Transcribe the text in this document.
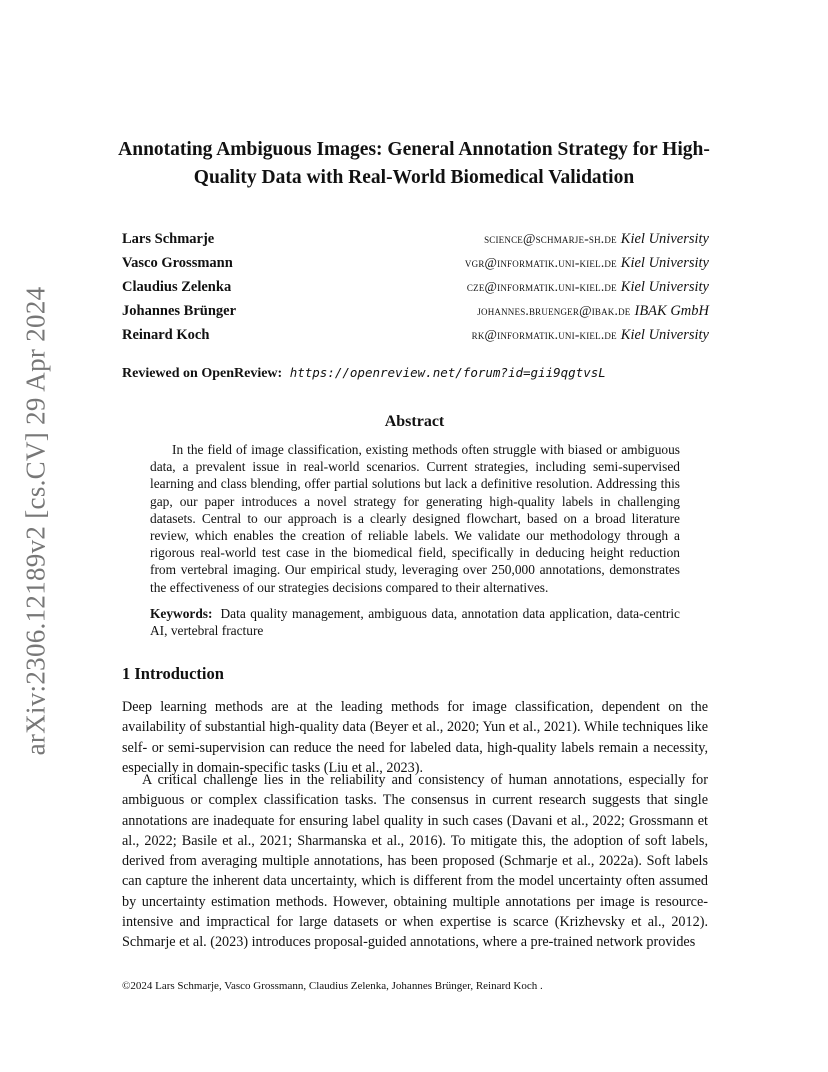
arXiv:2306.12189v2 [cs.CV] 29 Apr 2024
Annotating Ambiguous Images: General Annotation Strategy for High-Quality Data with Real-World Biomedical Validation
Lars Schmarje	science@schmarje-sh.de Kiel University
Vasco Grossmann	vgr@informatik.uni-kiel.de Kiel University
Claudius Zelenka	cze@informatik.uni-kiel.de Kiel University
Johannes Brünger	johannes.bruenger@ibak.de IBAK GmbH
Reinard Koch	rk@informatik.uni-kiel.de Kiel University
Reviewed on OpenReview: https://openreview.net/forum?id=gii9qgtvsL
Abstract

In the field of image classification, existing methods often struggle with biased or ambiguous data, a prevalent issue in real-world scenarios. Current strategies, including semi-supervised learning and class blending, offer partial solutions but lack a definitive resolution. Addressing this gap, our paper introduces a novel strategy for generating high-quality labels in challenging datasets. Central to our approach is a clearly designed flowchart, based on a broad literature review, which enables the creation of reliable labels. We validate our methodology through a rigorous real-world test case in the biomedical field, specifically in deducing height reduction from vertebral imaging. Our empirical study, leveraging over 250,000 annotations, demonstrates the effectiveness of our strategies decisions compared to their alternatives.

Keywords: Data quality management, ambiguous data, annotation data application, data-centric AI, vertebral fracture

1 Introduction

Deep learning methods are at the leading methods for image classification, dependent on the availability of substantial high-quality data (Beyer et al., 2020; Yun et al., 2021). While techniques like self- or semi-supervision can reduce the need for labeled data, high-quality labels remain a necessity, especially in domain-specific tasks (Liu et al., 2023).

A critical challenge lies in the reliability and consistency of human annotations, especially for ambiguous or complex classification tasks. The consensus in current research suggests that single annotations are inadequate for ensuring label quality in such cases (Davani et al., 2022; Grossmann et al., 2022; Basile et al., 2021; Sharmanska et al., 2016). To mitigate this, the adoption of soft labels, derived from averaging multiple annotations, has been proposed (Schmarje et al., 2022a). Soft labels can capture the inherent data uncertainty, which is different from the model uncertainty often assumed by uncertainty estimation methods. However, obtaining multiple annotations per image is resource-intensive and impractical for large datasets or when expertise is scarce (Krizhevsky et al., 2012). Schmarje et al. (2023) introduces proposal-guided annotations, where a pre-trained network provides

©2024 Lars Schmarje, Vasco Grossmann, Claudius Zelenka, Johannes Brünger, Reinard Koch .
